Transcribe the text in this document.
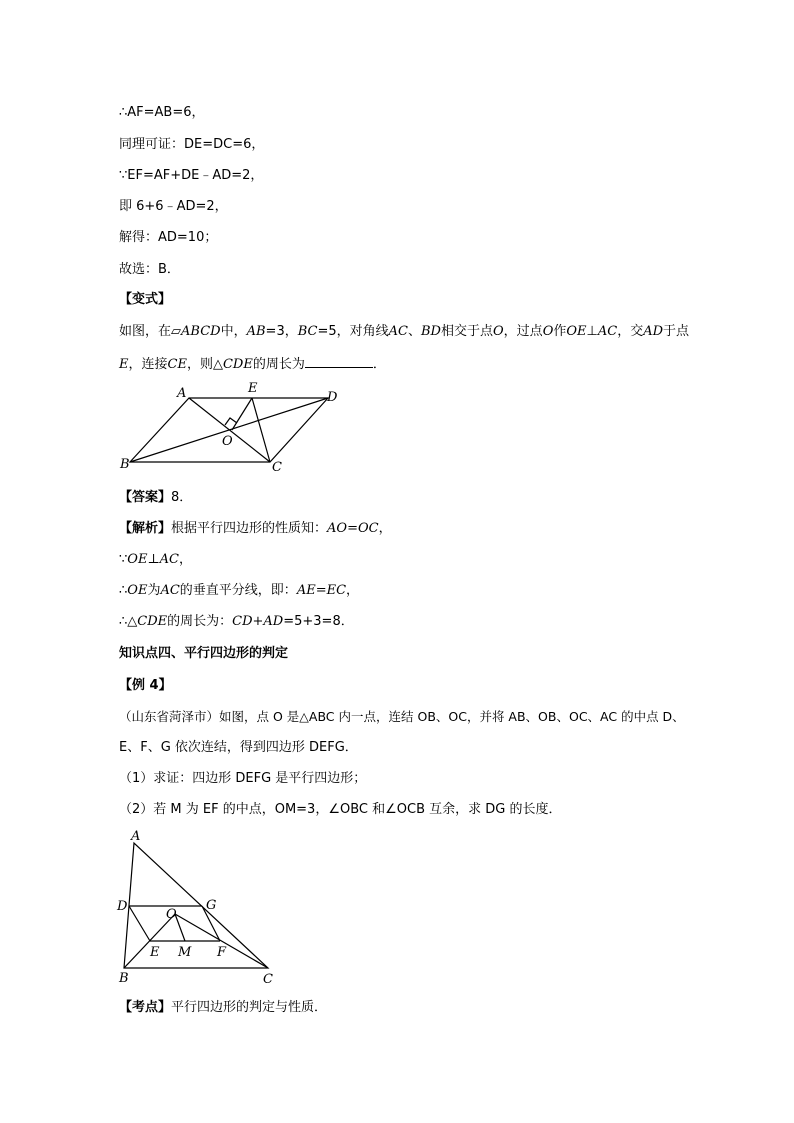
∴AF=AB=6，
同理可证：DE=DC=6，
∵EF=AF+DE﹣AD=2，
即 6+6﹣AD=2，
解得：AD=10；
故选：B．
【变式】
如图，在▱ABCD中，AB=3，BC=5，对角线AC、BD相交于点O，过点O作OE⊥AC，交AD于点
E，连接CE，则△CDE的周长为	．
A	E
D
O
B	C
A
D	G
O
E M F
B	C
【答案】8．
【解析】根据平行四边形的性质知：AO=OC，
∵OE⊥AC，
∴OE为AC的垂直平分线，即：AE=EC，
∴△CDE的周长为：CD+AD=5+3=8．
知识点四、平行四边形的判定
【例 4】
（山东省菏泽市）如图，点 O 是△ABC 内一点，连结 OB、OC，并将 AB、OB、OC、AC 的中点 D、
E、F、G 依次连结，得到四边形 DEFG．
（1）求证：四边形 DEFG 是平行四边形；
（2）若 M 为 EF 的中点，OM=3，∠OBC 和∠OCB 互余，求 DG 的长度．
【考点】平行四边形的判定与性质．
